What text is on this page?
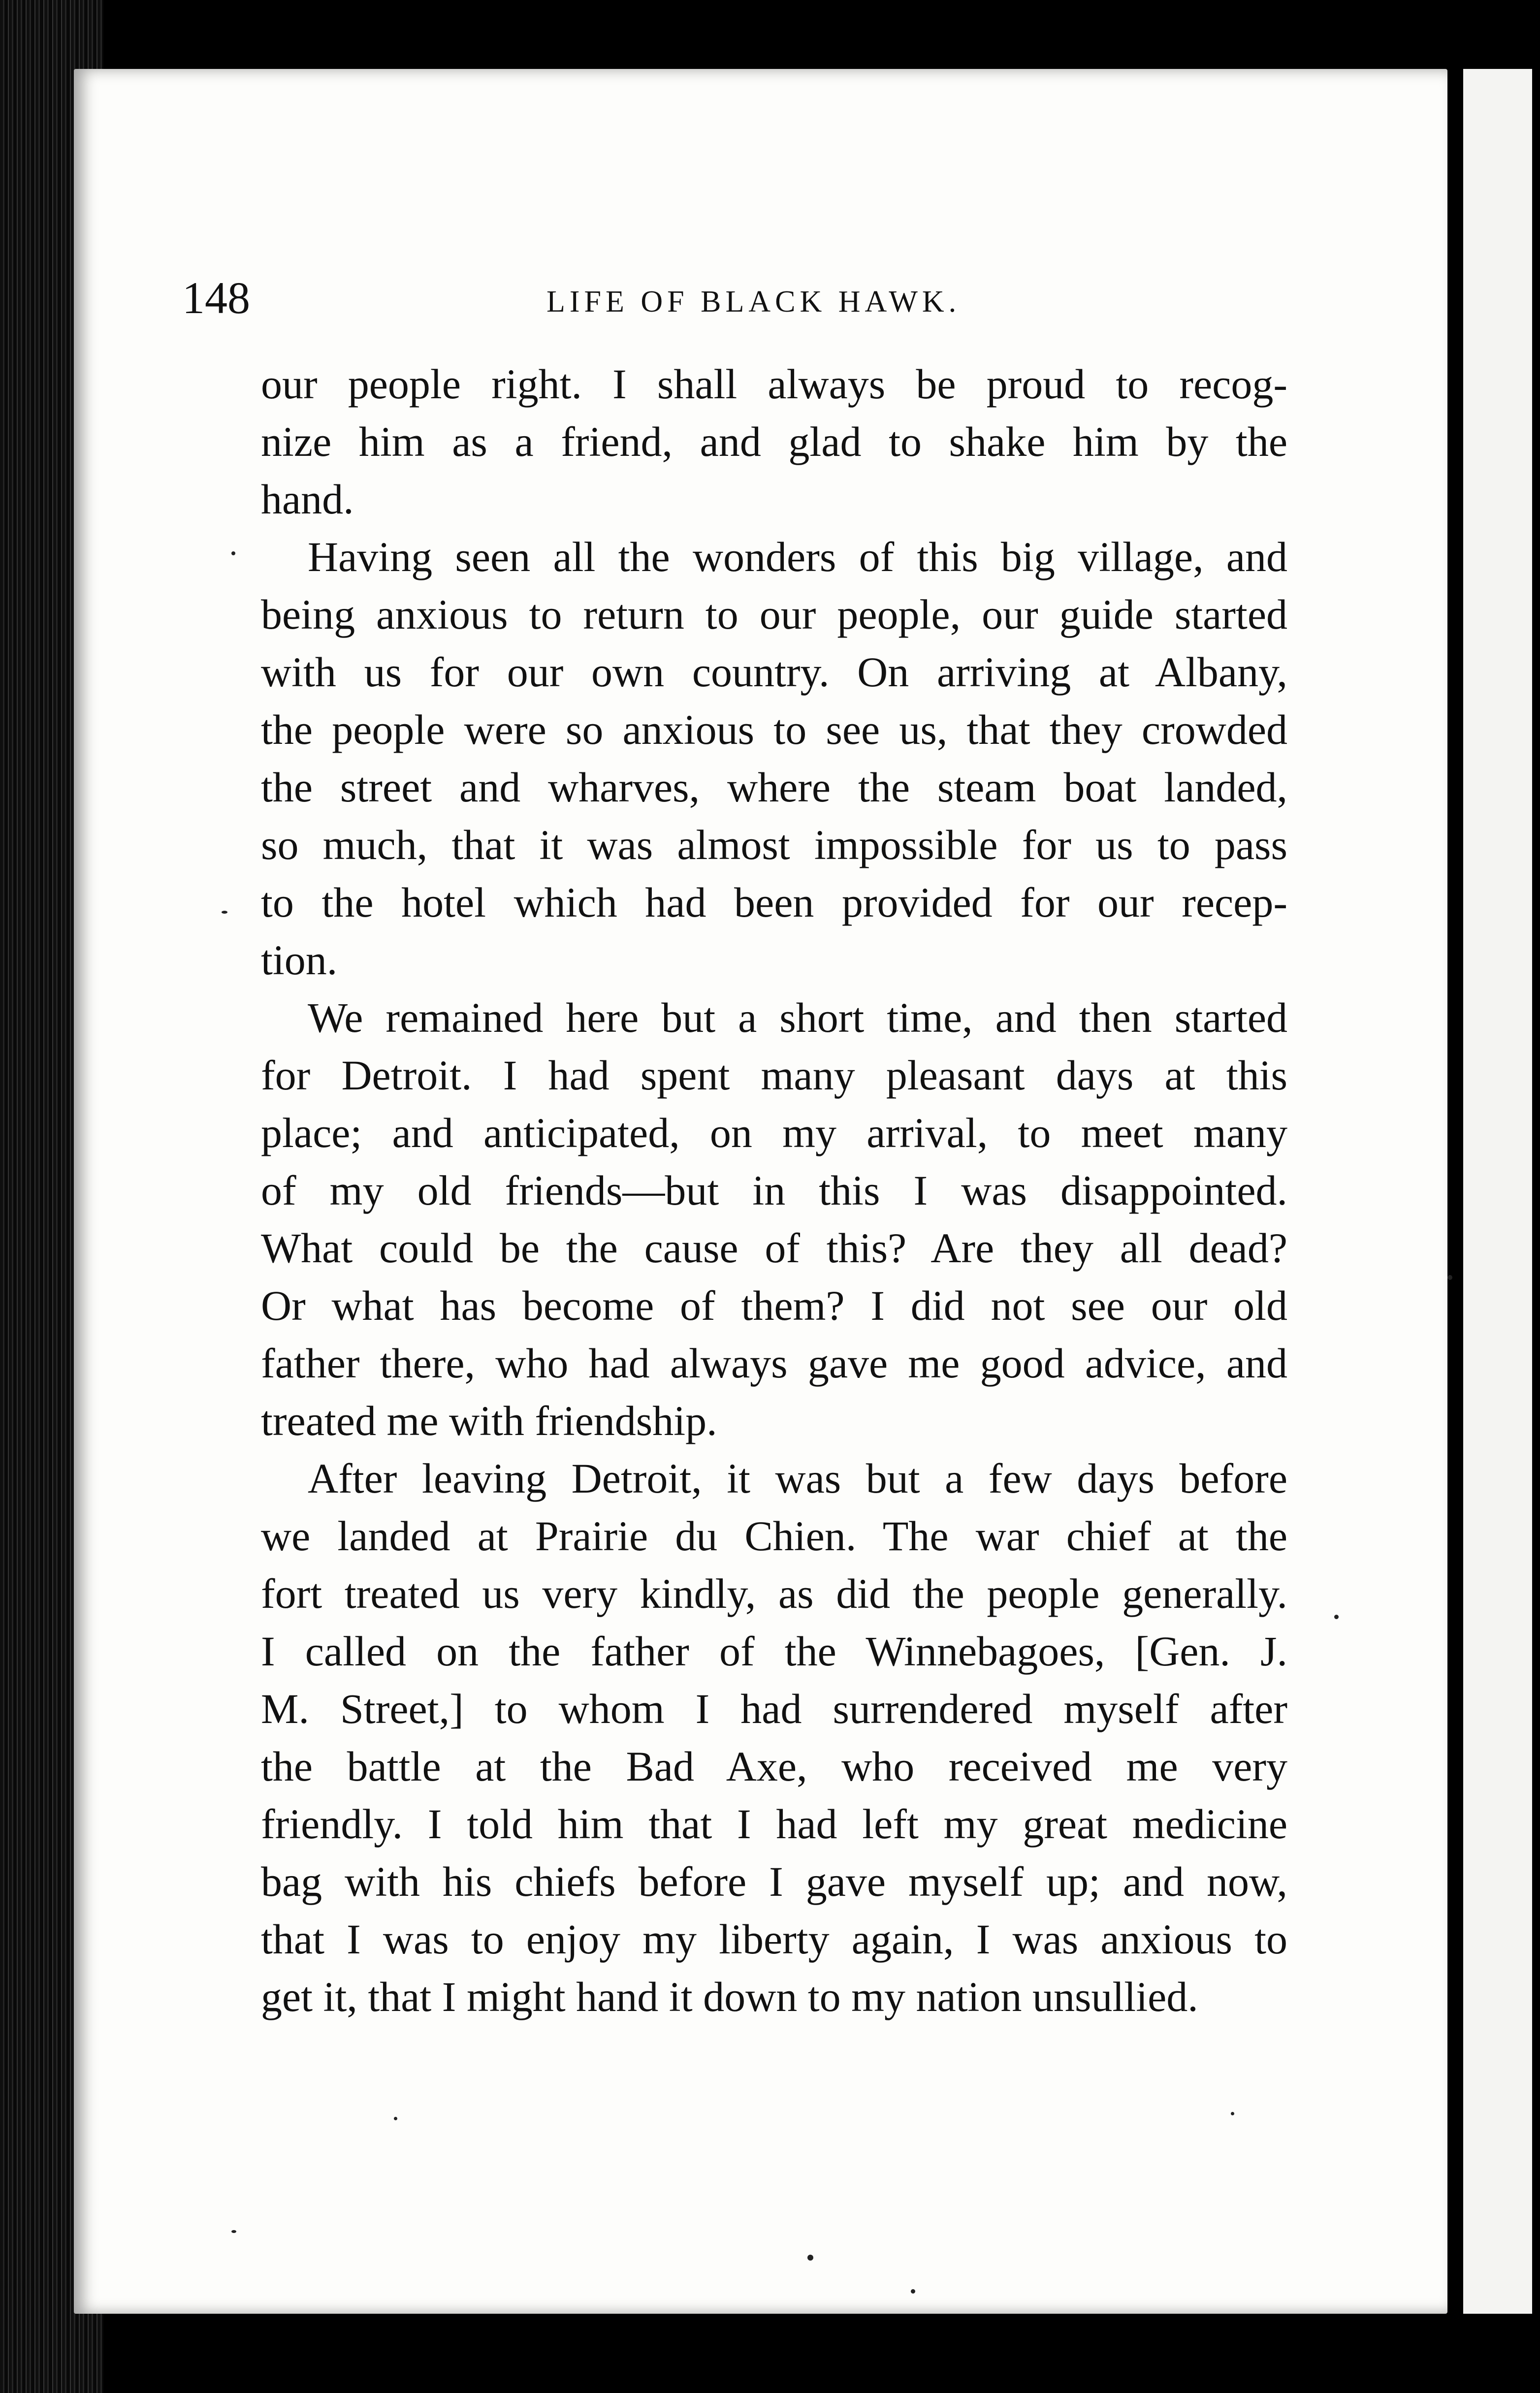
148	LIFE OF BLACK HAWK.

our people right. I shall always be proud to recog-
nize him as a friend, and glad to shake him by the
hand.

Having seen all the wonders of this big village, and
being anxious to return to our people, our guide started
with us for our own country. On arriving at Albany,
the people were so anxious to see us, that they crowded
the street and wharves, where the steam boat landed,
so much, that it was almost impossible for us to pass
to the hotel which had been provided for our recep-
tion.

We remained here but a short time, and then started
for Detroit. I had spent many pleasant days at this
place; and anticipated, on my arrival, to meet many
of my old friends—but in this I was disappointed.
What could be the cause of this? Are they all dead?
Or what has become of them? I did not see our old
father there, who had always gave me good advice, and
treated me with friendship.

After leaving Detroit, it was but a few days before
we landed at Prairie du Chien. The war chief at the
fort treated us very kindly, as did the people generally.
I called on the father of the Winnebagoes, [Gen. J.
M. Street,] to whom I had surrendered myself after
the battle at the Bad Axe, who received me very
friendly. I told him that I had left my great medicine
bag with his chiefs before I gave myself up; and now,
that I was to enjoy my liberty again, I was anxious to
get it, that I might hand it down to my nation unsullied.
